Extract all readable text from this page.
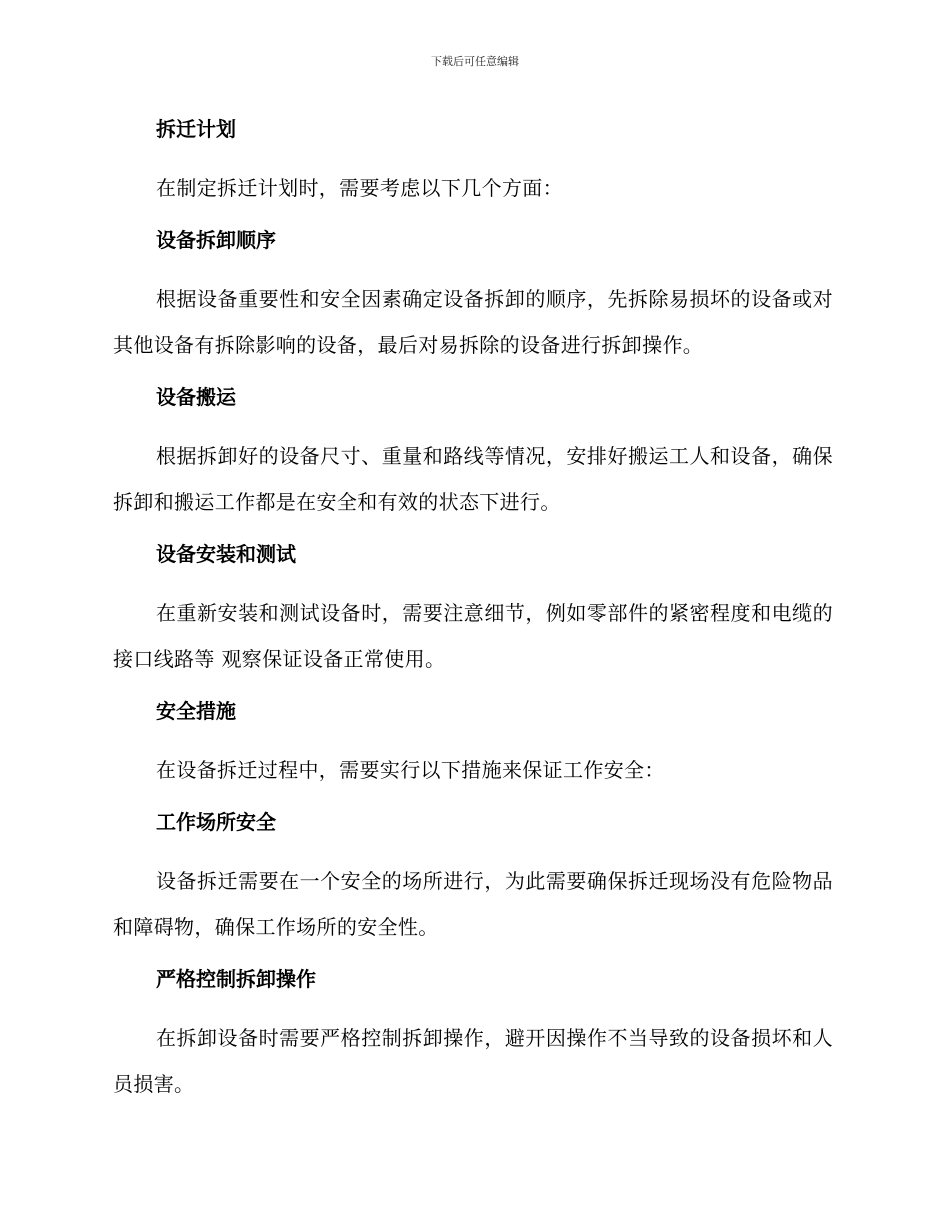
下载后可任意编辑
拆迁计划
在制定拆迁计划时，需要考虑以下几个方面：
设备拆卸顺序
根据设备重要性和安全因素确定设备拆卸的顺序，先拆除易损坏的设备或对其他设备有拆除影响的设备，最后对易拆除的设备进行拆卸操作。
设备搬运
根据拆卸好的设备尺寸、重量和路线等情况，安排好搬运工人和设备，确保拆卸和搬运工作都是在安全和有效的状态下进行。
设备安装和测试
在重新安装和测试设备时，需要注意细节，例如零部件的紧密程度和电缆的接口线路等 观察保证设备正常使用。
安全措施
在设备拆迁过程中，需要实行以下措施来保证工作安全：
工作场所安全
设备拆迁需要在一个安全的场所进行，为此需要确保拆迁现场没有危险物品和障碍物，确保工作场所的安全性。
严格控制拆卸操作
在拆卸设备时需要严格控制拆卸操作，避开因操作不当导致的设备损坏和人员损害。
